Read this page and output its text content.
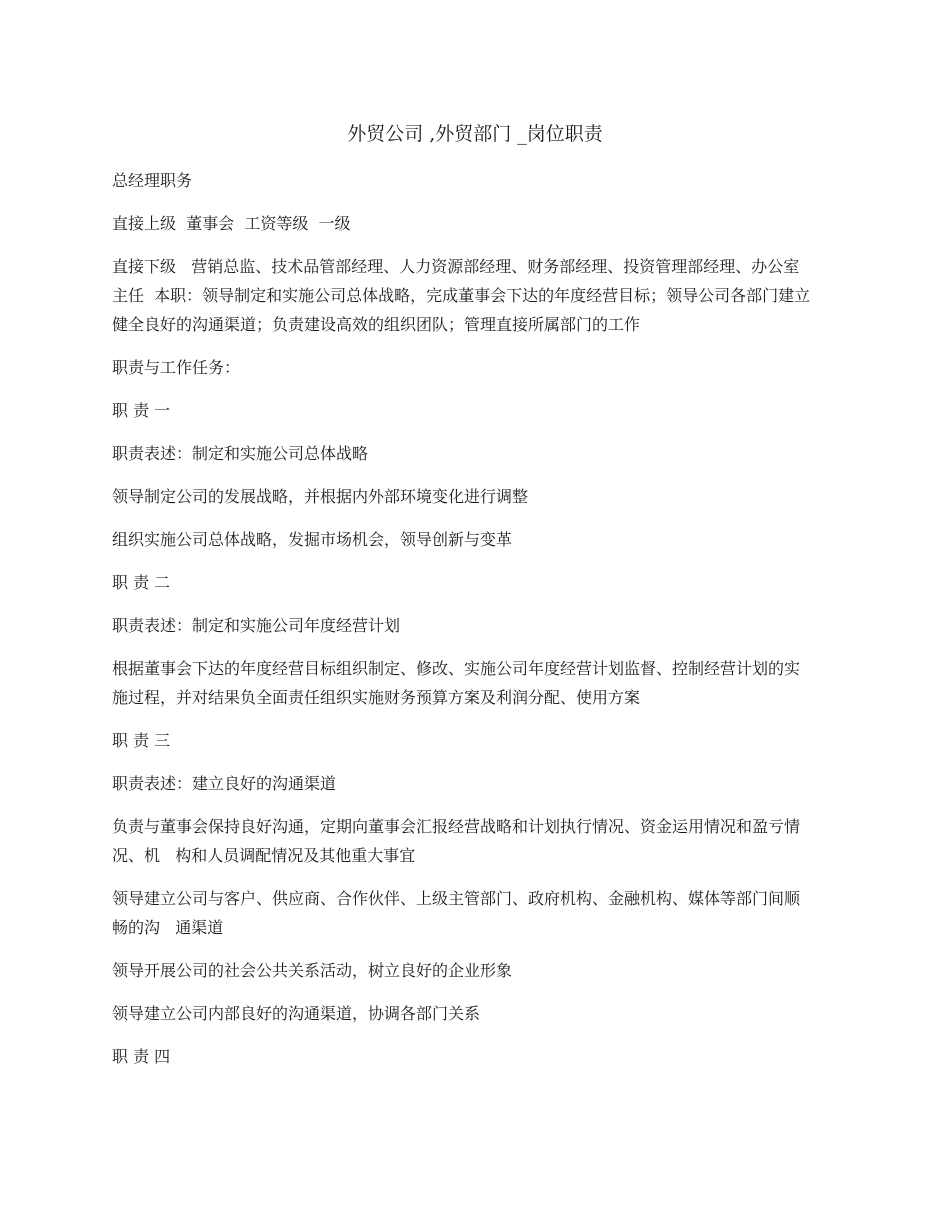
外贸公司 ,外贸部门 _岗位职责

总经理职务

直接上级  董事会  工资等级  一级

直接下级   营销总监、技术品管部经理、人力资源部经理、财务部经理、投资管理部经理、办公室主任  本职：领导制定和实施公司总体战略，完成董事会下达的年度经营目标；领导公司各部门建立健全良好的沟通渠道；负责建设高效的组织团队；管理直接所属部门的工作

职责与工作任务：

职 责 一

职责表述：制定和实施公司总体战略

领导制定公司的发展战略，并根据内外部环境变化进行调整

组织实施公司总体战略，发掘市场机会，领导创新与变革

职 责 二

职责表述：制定和实施公司年度经营计划

根据董事会下达的年度经营目标组织制定、修改、实施公司年度经营计划监督、控制经营计划的实施过程，并对结果负全面责任组织实施财务预算方案及利润分配、使用方案

职 责 三

职责表述：建立良好的沟通渠道

负责与董事会保持良好沟通，定期向董事会汇报经营战略和计划执行情况、资金运用情况和盈亏情况、机   构和人员调配情况及其他重大事宜

领导建立公司与客户、供应商、合作伙伴、上级主管部门、政府机构、金融机构、媒体等部门间顺畅的沟   通渠道

领导开展公司的社会公共关系活动，树立良好的企业形象

领导建立公司内部良好的沟通渠道，协调各部门关系

职 责 四
